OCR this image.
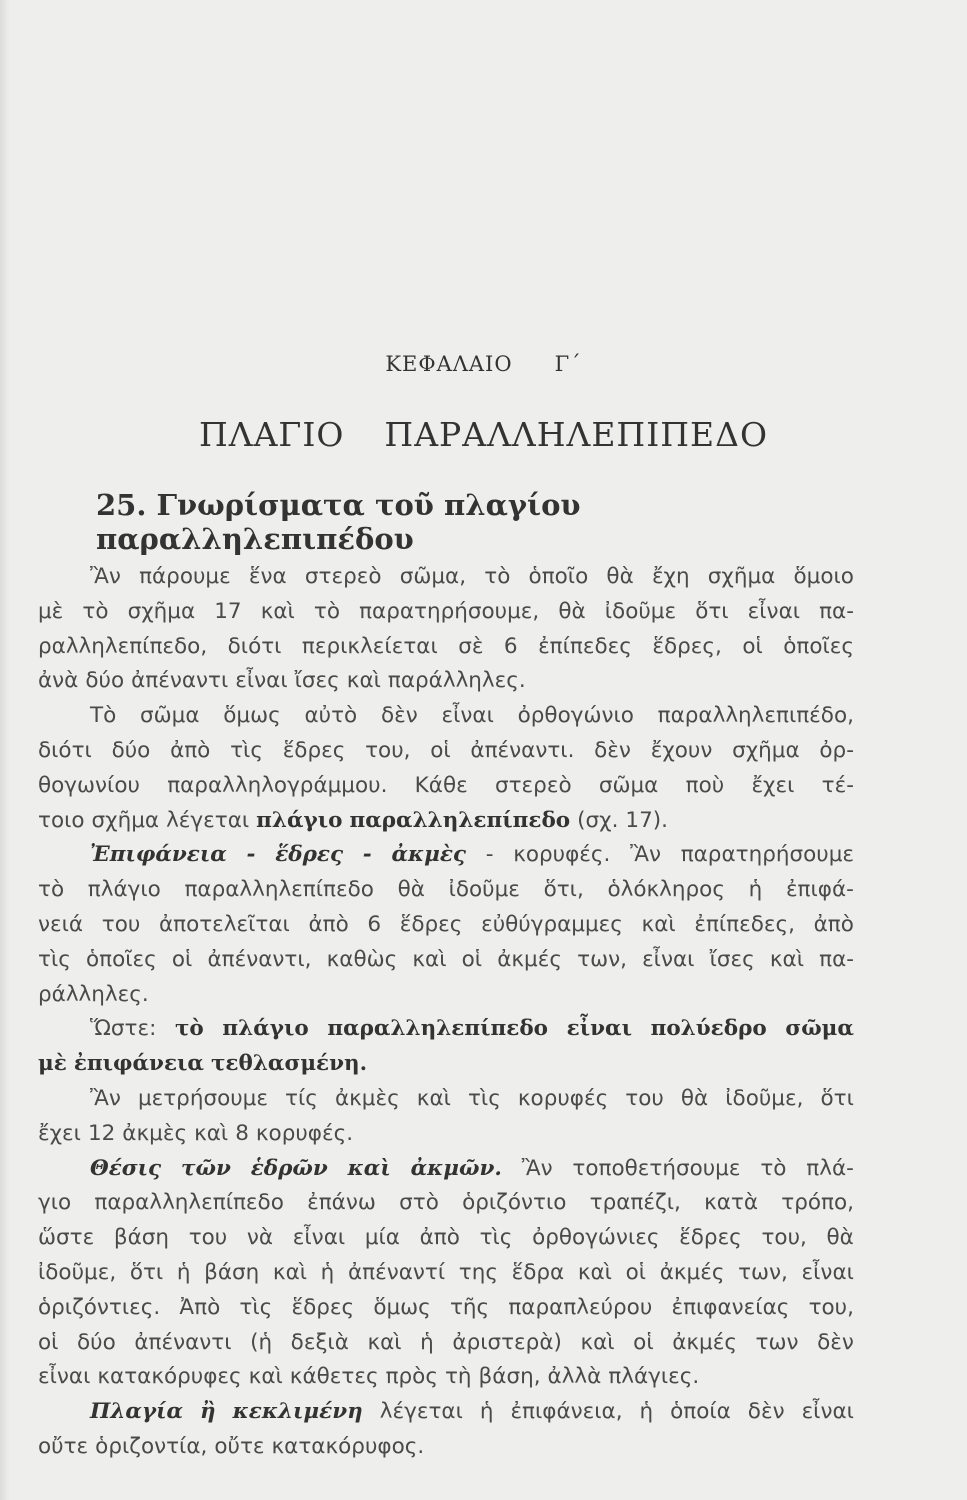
ΚΕΦΑΛΑΙΟ Γ΄
ΠΛΑΓΙΟ ΠΑΡΑΛΛΗΛΕΠΙΠΕΔΟ
25. Γνωρίσματα τοῦ πλαγίου παραλληλεπιπέδου
Ἂν πάρουμε ἕνα στερεὸ σῶμα, τὸ ὁποῖο θὰ ἔχη σχῆμα ὅμοιο
μὲ τὸ σχῆμα 17 καὶ τὸ παρατηρήσουμε, θὰ ἰδοῦμε ὅτι εἶναι πα-
ραλληλεπίπεδο, διότι περικλείεται σὲ 6 ἐπίπεδες ἕδρες, οἱ ὁποῖες
ἀνὰ δύο ἀπέναντι εἶναι ἴσες καὶ παράλληλες.
Τὸ σῶμα ὅμως αὐτὸ δὲν εἶναι ὀρθογώνιο παραλληλεπιπέδο,
διότι δύο ἀπὸ τὶς ἕδρες του, οἱ ἀπέναντι. δὲν ἔχουν σχῆμα ὀρ-
θογωνίου παραλληλογράμμου. Κάθε στερεὸ σῶμα ποὺ ἔχει τέ-
τοιο σχῆμα λέγεται πλάγιο παραλληλεπίπεδο (σχ. 17).
Ἐπιφάνεια - ἕδρες - ἀκμὲς - κορυφές. Ἂν παρατηρήσουμε
τὸ πλάγιο παραλληλεπίπεδο θὰ ἰδοῦμε ὅτι, ὁλόκληρος ἡ ἐπιφά-
νειά του ἀποτελεῖται ἀπὸ 6 ἕδρες εὐθύγραμμες καὶ ἐπίπεδες, ἀπὸ
τὶς ὁποῖες οἱ ἀπέναντι, καθὼς καὶ οἱ ἀκμές των, εἶναι ἴσες καὶ πα-
ράλληλες.
Ὥστε: τὸ πλάγιο παραλληλεπίπεδο εἶναι πολύεδρο σῶμα
μὲ ἐπιφάνεια τεθλασμένη.
Ἂν μετρήσουμε τίς ἀκμὲς καὶ τὶς κορυφές του θὰ ἰδοῦμε, ὅτι
ἔχει 12 ἀκμὲς καὶ 8 κορυφές.
Θέσις τῶν ἑδρῶν καὶ ἀκμῶν. Ἂν τοποθετήσουμε τὸ πλά-
γιο παραλληλεπίπεδο ἐπάνω στὸ ὁριζόντιο τραπέζι, κατὰ τρόπο,
ὥστε βάση του νὰ εἶναι μία ἀπὸ τὶς ὀρθογώνιες ἕδρες του, θὰ
ἰδοῦμε, ὅτι ἡ βάση καὶ ἡ ἀπέναντί της ἕδρα καὶ οἱ ἀκμές των, εἶναι
ὁριζόντιες. Ἀπὸ τὶς ἕδρες ὅμως τῆς παραπλεύρου ἐπιφανείας του,
οἱ δύο ἀπέναντι (ἡ δεξιὰ καὶ ἡ ἀριστερὰ) καὶ οἱ ἀκμές των δὲν
εἶναι κατακόρυφες καὶ κάθετες πρὸς τὴ βάση, ἀλλὰ πλάγιες.
Πλαγία ἢ κεκλιμένη λέγεται ἡ ἐπιφάνεια, ἡ ὁποία δὲν εἶναι
οὔτε ὁριζοντία, οὔτε κατακόρυφος.
